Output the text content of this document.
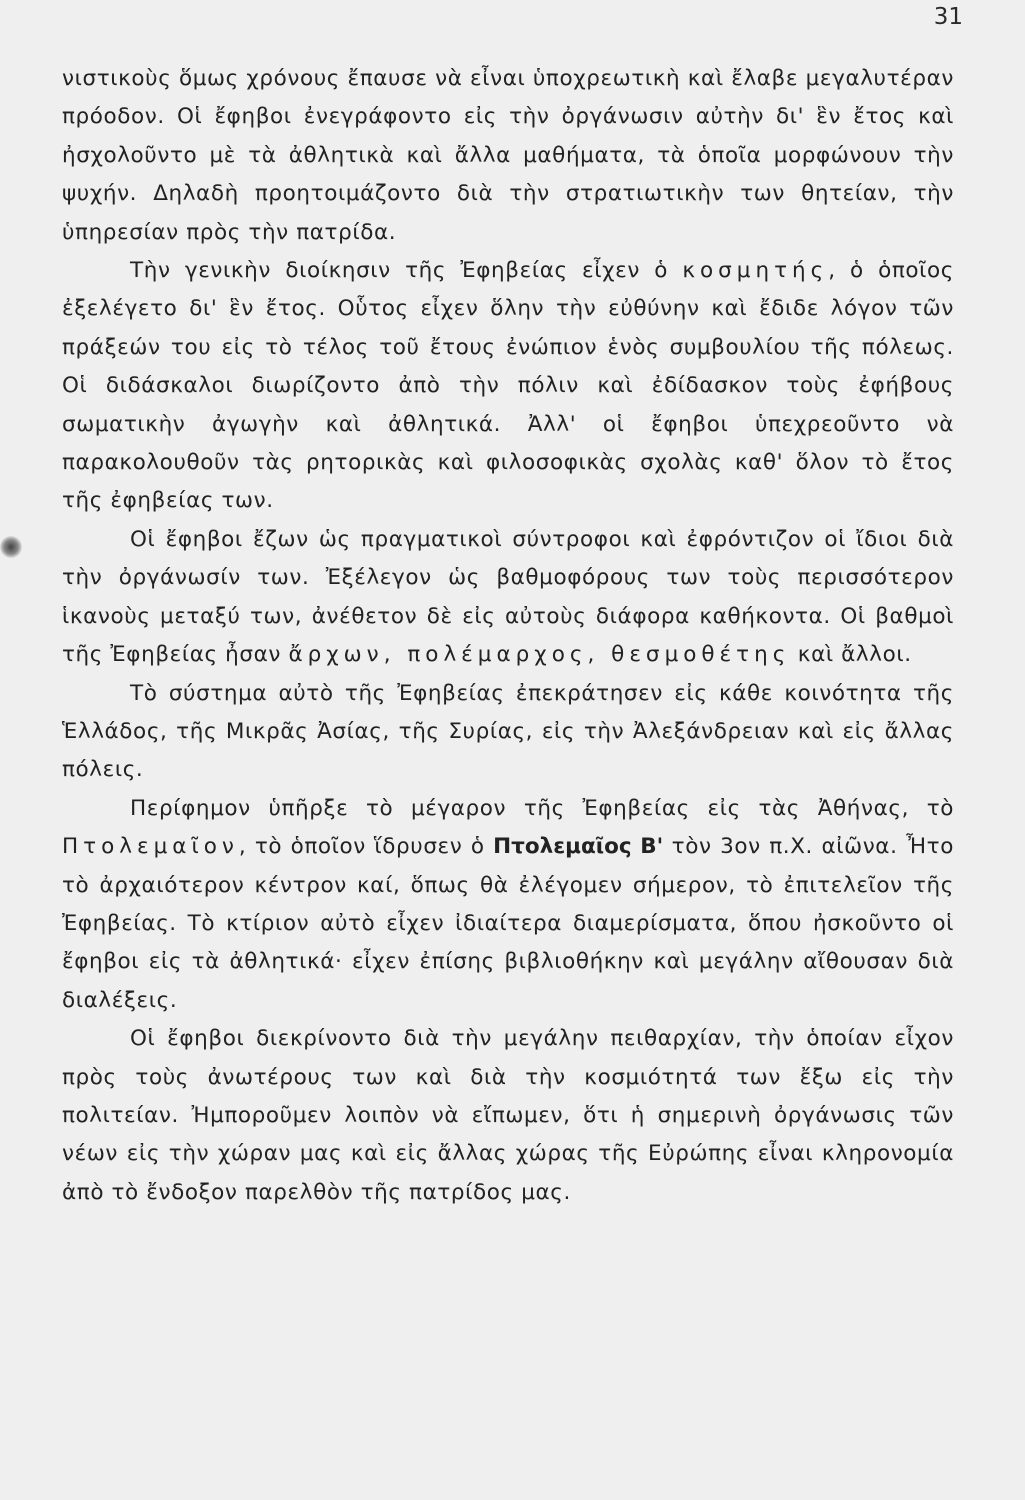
31

νιστικοὺς ὅμως χρόνους ἔπαυσε νὰ εἶναι ὑποχρεωτικὴ καὶ ἔλαβε μεγαλυτέραν πρόοδον. Οἱ ἔφηβοι ἐνεγράφοντο εἰς τὴν ὀργάνωσιν αὐτὴν δι' ἓν ἔτος καὶ ἠσχολοῦντο μὲ τὰ ἀθλητικὰ καὶ ἄλλα μαθήματα, τὰ ὁποῖα μορφώνουν τὴν ψυχήν. Δηλαδὴ προητοιμάζοντο διὰ τὴν στρατιωτικὴν των θητείαν, τὴν ὑπηρεσίαν πρὸς τὴν πατρίδα.

Τὴν γενικὴν διοίκησιν τῆς Ἐφηβείας εἶχεν ὁ κοσμητής, ὁ ὁποῖος ἐξελέγετο δι' ἓν ἔτος. Οὗτος εἶχεν ὅλην τὴν εὐθύνην καὶ ἔδιδε λόγον τῶν πράξεών του εἰς τὸ τέλος τοῦ ἔτους ἐνώπιον ἑνὸς συμβουλίου τῆς πόλεως. Οἱ διδάσκαλοι διωρίζοντο ἀπὸ τὴν πόλιν καὶ ἐδίδασκον τοὺς ἐφήβους σωματικὴν ἀγωγὴν καὶ ἀθλητικά. Ἀλλ' οἱ ἔφηβοι ὑπεχρεοῦντο νὰ παρακολουθοῦν τὰς ρητορικὰς καὶ φιλοσοφικὰς σχολὰς καθ' ὅλον τὸ ἔτος τῆς ἐφηβείας των.

Οἱ ἔφηβοι ἔζων ὡς πραγματικοὶ σύντροφοι καὶ ἐφρόντιζον οἱ ἴδιοι διὰ τὴν ὀργάνωσίν των. Ἐξέλεγον ὡς βαθμοφόρους των τοὺς περισσότερον ἱκανοὺς μεταξύ των, ἀνέθετον δὲ εἰς αὐτοὺς διάφορα καθήκοντα. Οἱ βαθμοὶ τῆς Ἐφηβείας ἦσαν ἄρχων, πολέμαρχος, θεσμοθέτης καὶ ἄλλοι.

Τὸ σύστημα αὐτὸ τῆς Ἐφηβείας ἐπεκράτησεν εἰς κάθε κοινότητα τῆς Ἑλλάδος, τῆς Μικρᾶς Ἀσίας, τῆς Συρίας, εἰς τὴν Ἀλεξάνδρειαν καὶ εἰς ἄλλας πόλεις.

Περίφημον ὑπῆρξε τὸ μέγαρον τῆς Ἐφηβείας εἰς τὰς Ἀθήνας, τὸ Πτολεμαῖον, τὸ ὁποῖον ἵδρυσεν ὁ Πτολεμαῖος Β' τὸν 3ον π.Χ. αἰῶνα. Ἦτο τὸ ἀρχαιότερον κέντρον καί, ὅπως θὰ ἐλέγομεν σήμερον, τὸ ἐπιτελεῖον τῆς Ἐφηβείας. Τὸ κτίριον αὐτὸ εἶχεν ἰδιαίτερα διαμερίσματα, ὅπου ἠσκοῦντο οἱ ἔφηβοι εἰς τὰ ἀθλητικά· εἶχεν ἐπίσης βιβλιοθήκην καὶ μεγάλην αἴθουσαν διὰ διαλέξεις.

Οἱ ἔφηβοι διεκρίνοντο διὰ τὴν μεγάλην πειθαρχίαν, τὴν ὁποίαν εἶχον πρὸς τοὺς ἀνωτέρους των καὶ διὰ τὴν κοσμιότητά των ἔξω εἰς τὴν πολιτείαν. Ἠμποροῦμεν λοιπὸν νὰ εἴπωμεν, ὅτι ἡ σημερινὴ ὀργάνωσις τῶν νέων εἰς τὴν χώραν μας καὶ εἰς ἄλλας χώρας τῆς Εὐρώπης εἶναι κληρονομία ἀπὸ τὸ ἔνδοξον παρελθὸν τῆς πατρίδος μας.
